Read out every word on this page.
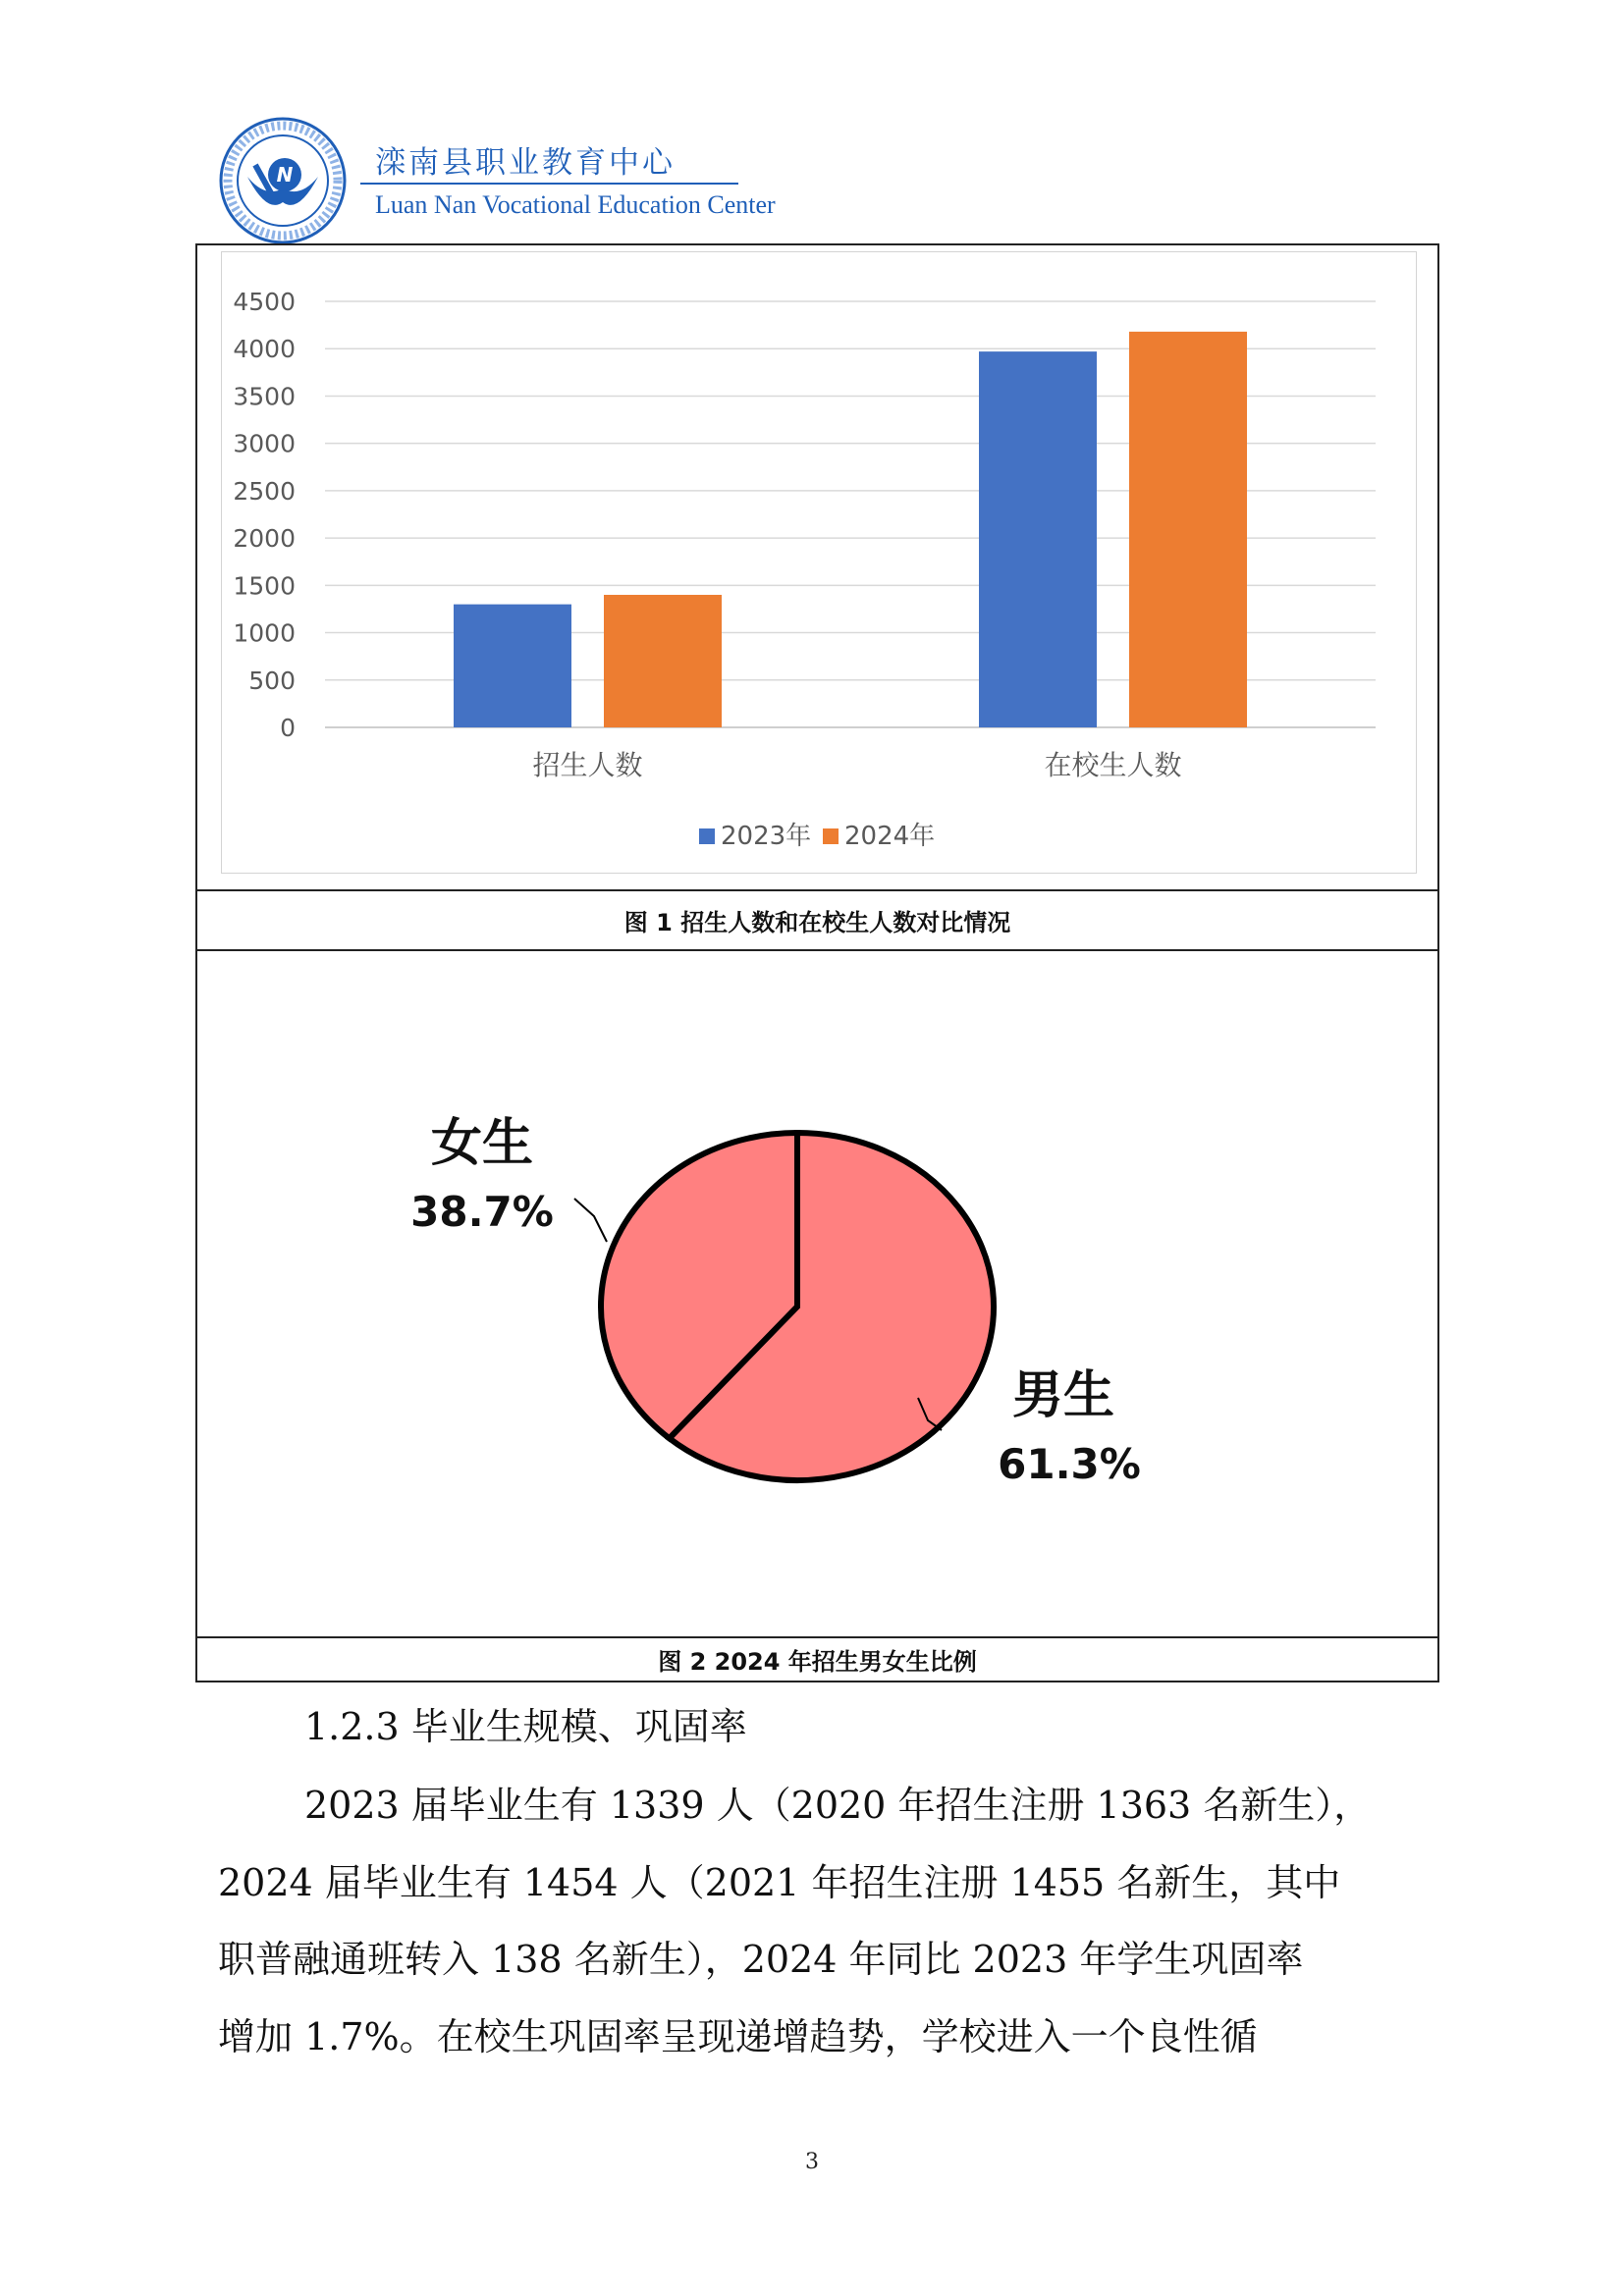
N	滦南县职业教育中心
Luan Nan Vocational Education Center
0
500
1000
1500
2000
2500
3000
3500
4000
4500
招生人数	在校生人数
2023年 2024年
图 1 招生人数和在校生人数对比情况
男生
61.3%
女生
38.7%
图 2 2024 年招生男女生比例
1.2.3 毕业生规模、巩固率
2023 届毕业生有 1339 人（2020 年招生注册 1363 名新生），
2024 届毕业生有 1454 人（2021 年招生注册 1455 名新生，其中
职普融通班转入 138 名新生），2024 年同比 2023 年学生巩固率
增加 1.7%。在校生巩固率呈现递增趋势，学校进入一个良性循
3
